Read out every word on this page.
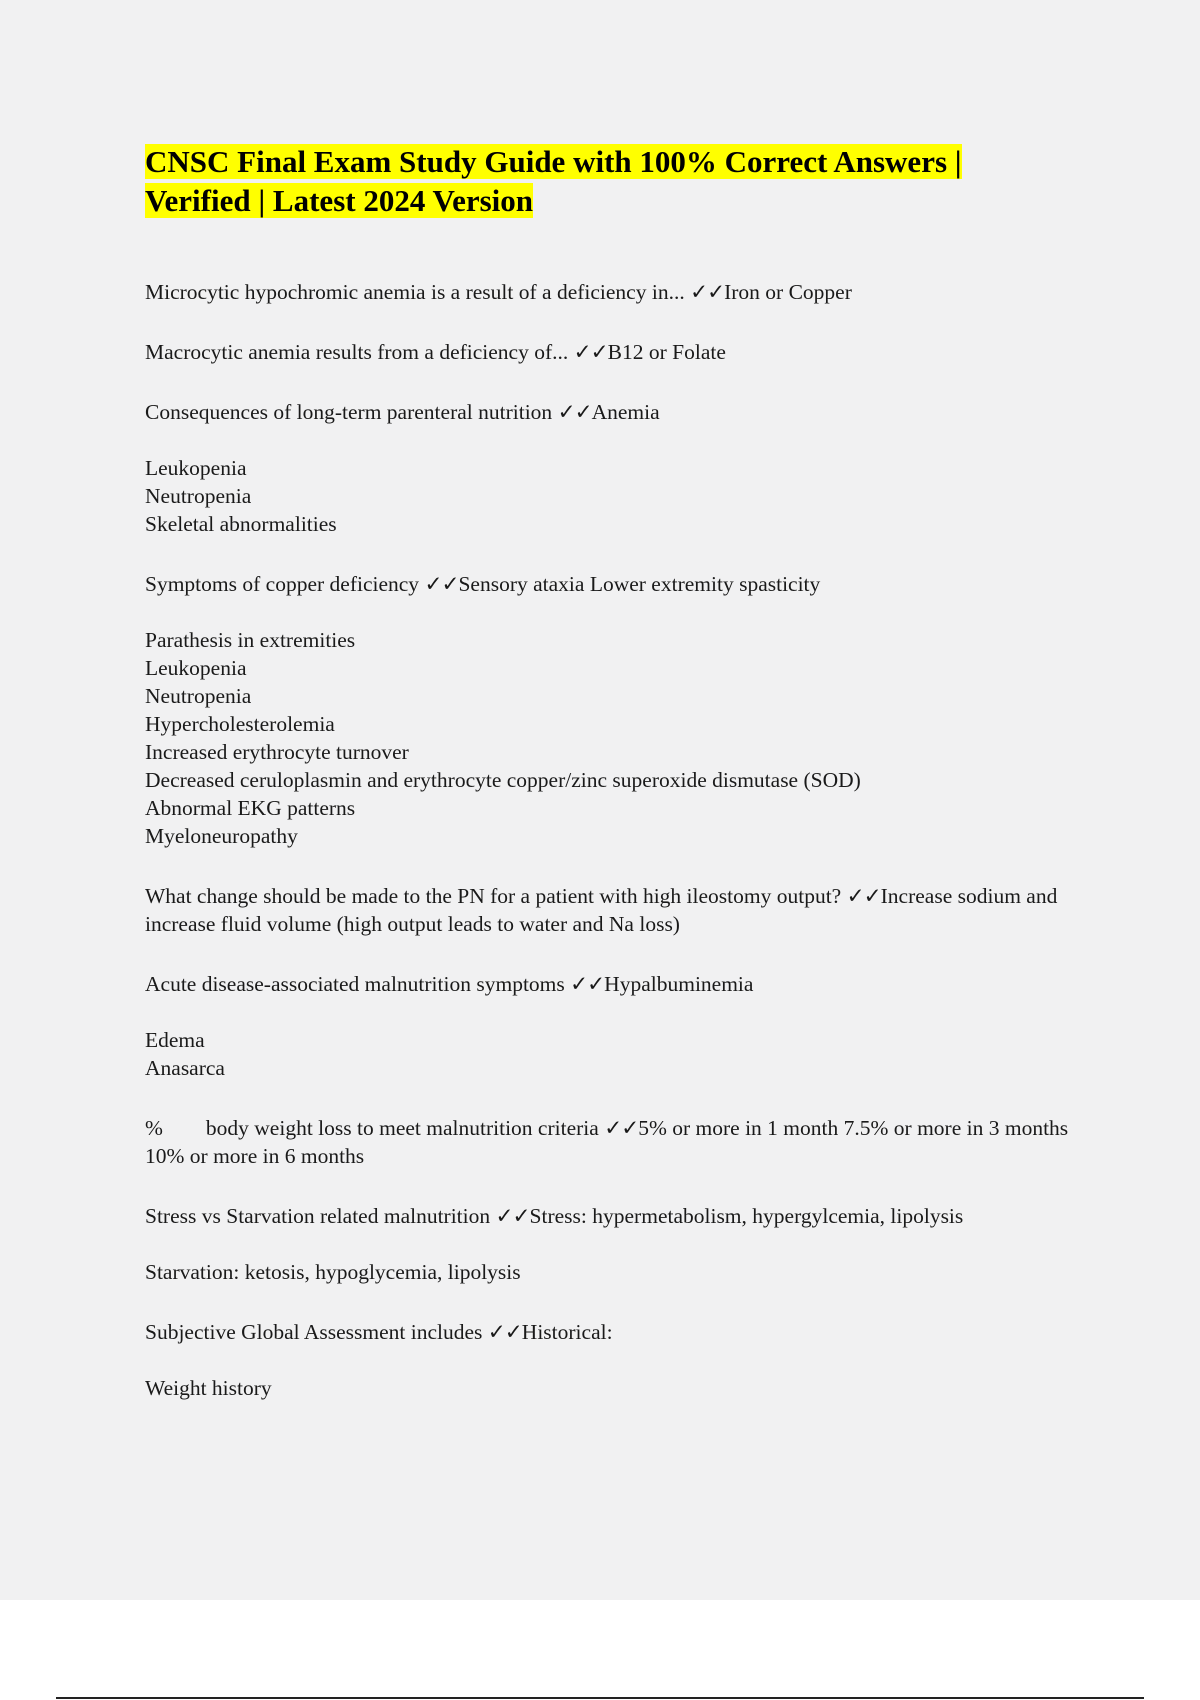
CNSC Final Exam Study Guide with 100% Correct Answers |
Verified | Latest 2024 Version

Microcytic hypochromic anemia is a result of a deficiency in... ✓✓Iron or Copper

Macrocytic anemia results from a deficiency of... ✓✓B12 or Folate

Consequences of long-term parenteral nutrition ✓✓Anemia

Leukopenia

Neutropenia

Skeletal abnormalities

Symptoms of copper deficiency ✓✓Sensory ataxia Lower extremity spasticity

Parathesis in extremities

Leukopenia

Neutropenia

Hypercholesterolemia

Increased erythrocyte turnover

Decreased ceruloplasmin and erythrocyte copper/zinc superoxide dismutase (SOD)

Abnormal EKG patterns

Myeloneuropathy

What change should be made to the PN for a patient with high ileostomy output? ✓✓Increase sodium and increase fluid volume (high output leads to water and Na loss)

Acute disease-associated malnutrition symptoms ✓✓Hypalbuminemia

Edema

Anasarca

%  body weight loss to meet malnutrition criteria ✓✓5% or more in 1 month 7.5% or more in 3 months

10% or more in 6 months

Stress vs Starvation related malnutrition ✓✓Stress: hypermetabolism, hypergylcemia, lipolysis

Starvation: ketosis, hypoglycemia, lipolysis

Subjective Global Assessment includes ✓✓Historical:

Weight history
